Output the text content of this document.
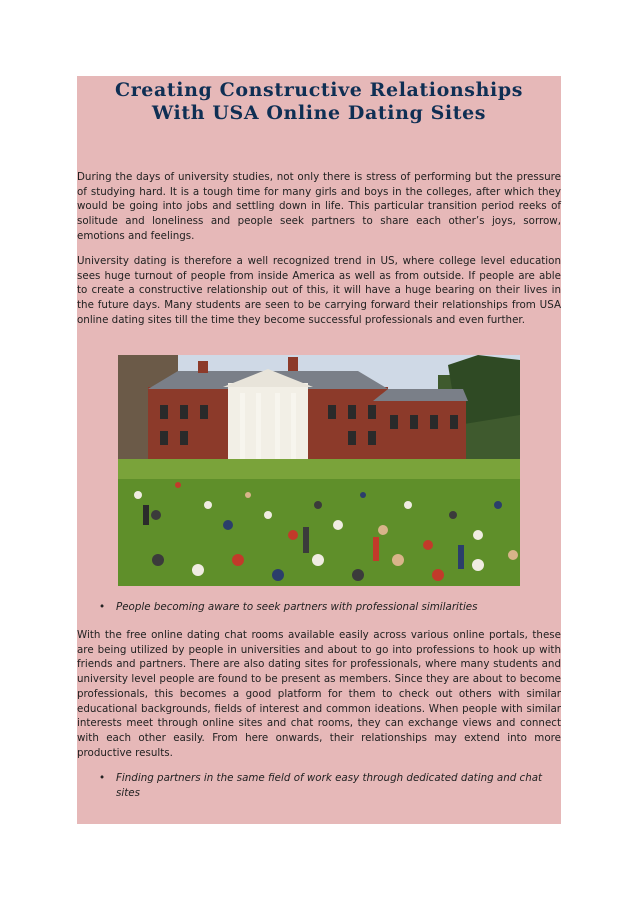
Creating Constructive Relationships
With USA Online Dating Sites

During the days of university studies, not only there is stress of performing but the pressure of studying hard. It is a tough time for many girls and boys in the colleges, after which they would be going into jobs and settling down in life. This particular transition period reeks of solitude and loneliness and people seek partners to share each other’s joys, sorrow, emotions and feelings.

University dating is therefore a well recognized trend in US, where college level education sees huge turnout of people from inside America as well as from outside. If people are able to create a constructive relationship out of this, it will have a huge bearing on their lives in the future days. Many students are seen to be carrying forward their relationships from USA online dating sites till the time they become successful professionals and even further.

• People becoming aware to seek partners with professional similarities

With the free online dating chat rooms available easily across various online portals, these are being utilized by people in universities and about to go into professions to hook up with friends and partners. There are also dating sites for professionals, where many students and university level people are found to be present as members. Since they are about to become professionals, this becomes a good platform for them to check out others with similar educational backgrounds, fields of interest and common ideations. When people with similar interests meet through online sites and chat rooms, they can exchange views and connect with each other easily. From here onwards, their relationships may extend into more productive results.

• Finding partners in the same field of work easy through dedicated dating and chat sites
